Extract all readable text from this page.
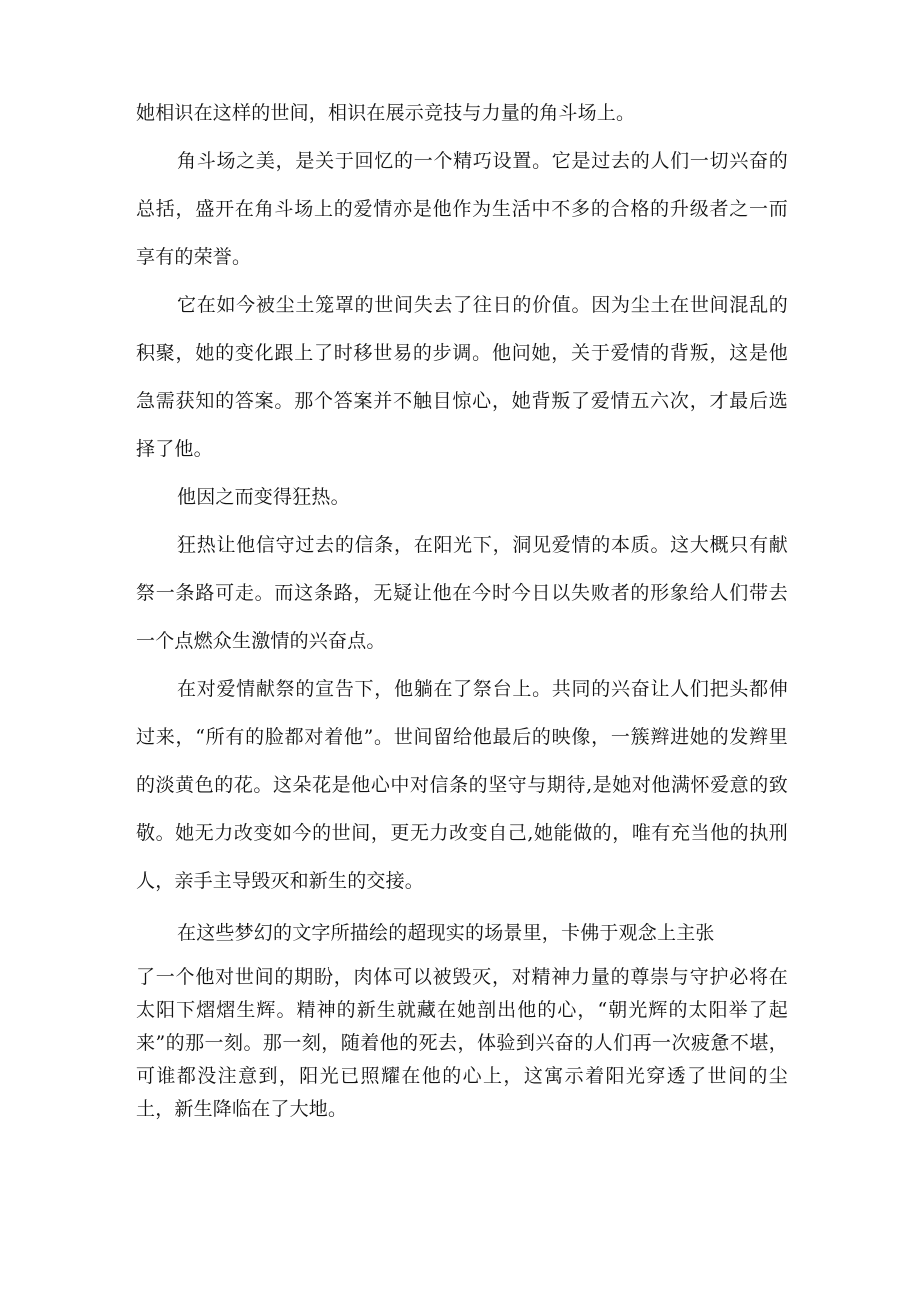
她相识在这样的世间，相识在展示竞技与力量的角斗场上。

角斗场之美，是关于回忆的一个精巧设置。它是过去的人们一切兴奋的总括，盛开在角斗场上的爱情亦是他作为生活中不多的合格的升级者之一而享有的荣誉。

它在如今被尘土笼罩的世间失去了往日的价值。因为尘土在世间混乱的积聚，她的变化跟上了时移世易的步调。他问她，关于爱情的背叛，这是他急需获知的答案。那个答案并不触目惊心，她背叛了爱情五六次，才最后选择了他。

他因之而变得狂热。

狂热让他信守过去的信条，在阳光下，洞见爱情的本质。这大概只有献祭一条路可走。而这条路，无疑让他在今时今日以失败者的形象给人们带去一个点燃众生激情的兴奋点。

在对爱情献祭的宣告下，他躺在了祭台上。共同的兴奋让人们把头都伸过来，“所有的脸都对着他”。世间留给他最后的映像，一簇辫进她的发辫里的淡黄色的花。这朵花是他心中对信条的坚守与期待,是她对他满怀爱意的致敬。她无力改变如今的世间，更无力改变自己,她能做的，唯有充当他的执刑人，亲手主导毁灭和新生的交接。

在这些梦幻的文字所描绘的超现实的场景里，卡佛于观念上主张

了一个他对世间的期盼，肉体可以被毁灭，对精神力量的尊崇与守护必将在太阳下熠熠生辉。精神的新生就藏在她剖出他的心，“朝光辉的太阳举了起来”的那一刻。那一刻，随着他的死去，体验到兴奋的人们再一次疲惫不堪，可谁都没注意到，阳光已照耀在他的心上，这寓示着阳光穿透了世间的尘土，新生降临在了大地。
